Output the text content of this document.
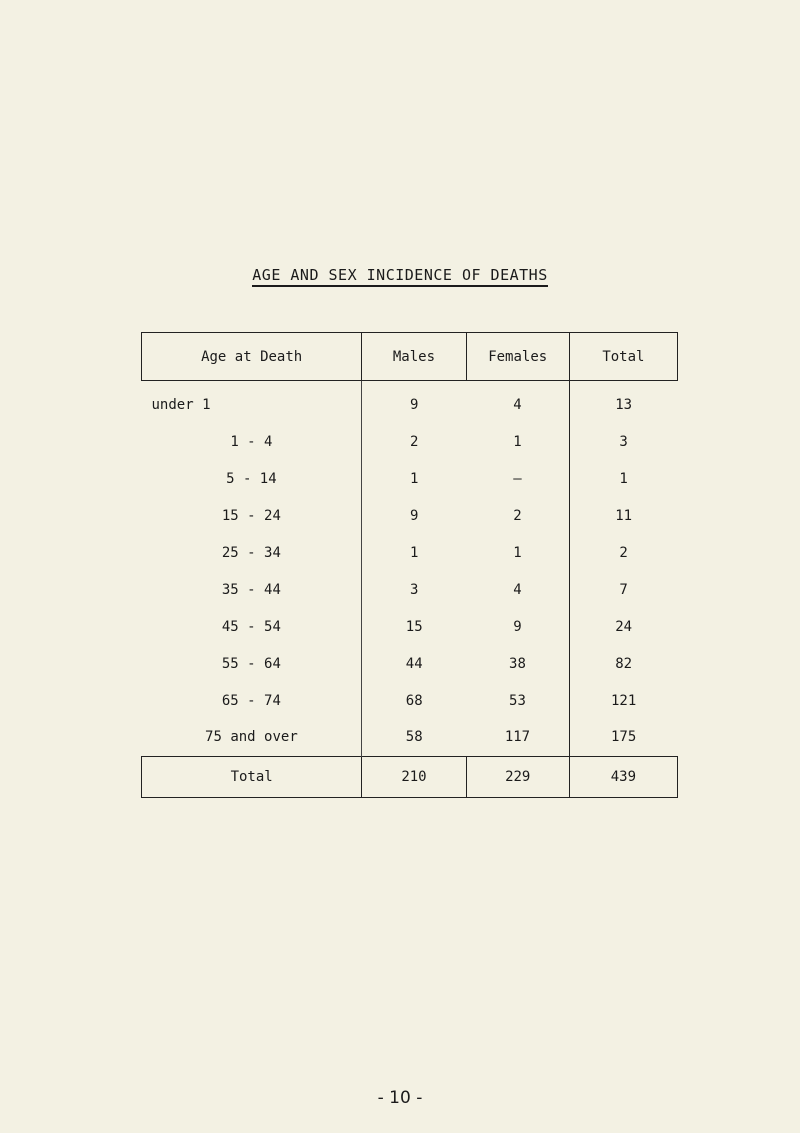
AGE AND SEX INCIDENCE OF DEATHS
Age at Death	Males	Females	Total
under 1	9	4	13
1 - 4	2	1	3
5 - 14	1	–	1
15 - 24	9	2	11
25 - 34	1	1	2
35 - 44	3	4	7
45 - 54	15	9	24
55 - 64	44	38	82
65 - 74	68	53	121
75 and over	58	117	175
Total	210	229	439
- 10 -
